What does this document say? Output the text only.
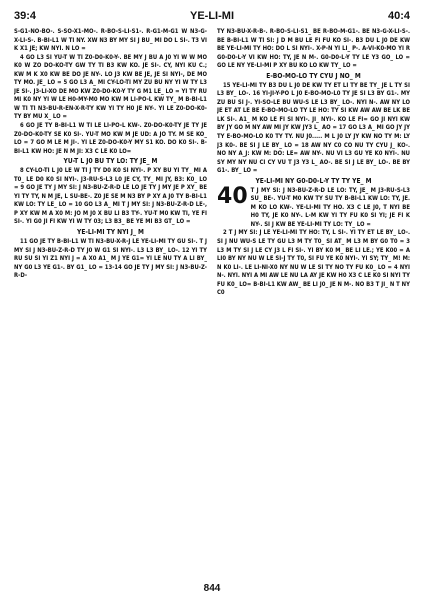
39:4	YE-LI-MI	40:4

S-G1-NO-BO-. S-SO-X1-MO-. R-BO-S-LI-S1-. R-G1-M-G1 W N3-G-X-LI-S-. B-BI-L1 W TI NY. XW N3 BY MY SI J BU_ MI DO L SI-. T3 VI K X1 JE; KW NYI. N LO =

4 GO L3 SI YU-T W TI Z0-D0-K0-Y-. BE MY J BU A J0 YI W W MO K0 W ZO DO-KO-TY GW TY TI B3 KW KO. JE SI-. CY, NYI KU C.; KW M K X0 KW BE DO JE NY-. LO J3 KW BE JE, JE SI NYI-, DE MO TY MO. JE_ LO = 5 GO L3 A_ MI CY-LO-TI MY ZU BU NY YI W TY L3 JE SI-. J3-LI-XO DE MO KW Z0-D0-K0-Y TY G M1 LE_ LO = YI TY RU MI K0 NY YI W LE H0-MY-M0 MO KW M LI-PO-L KW TY_ M B-BI-L1 W TI TI N3-BU-R-EN-X-R-TY KW YI TY H0 JE NY-. YI LE Z0-DO-K0-TY BY MU X_ LO =

6 GO JE TY B-BI-L1 W TI LE LI-PO-L KW-. Z0-DO-K0-TY JE TY JE Z0-DO-K0-TY SE K0 SI-. YU-T MO KW M JE UD: A JO TY. M SE KO_ LO = 7 GO M LE M JI-. YI LE Z0-DO-K0-Y MY S1 KO. DO K0 SI-. B-BI-L1 KW HO: JE N M JI: X3 C LE K0 LO=

YU-T L J0 BU TY LO: TY JE_ M

8 CY-LO-TI L J0 LE W TI J TY D0 K0 SI NYI-. P XY BU YI TY_ MI A T0_ LE D0 K0 SI NYI-. J3-RU-S-L3 L0 JE CY, TY_ MI JY, B3: K0_ LO = 9 GO JE TY J MY SI: J N3-BU-Z-R-D LE LO JE TY J MY JE P XY_ BE YI TY TY, N M JE, L SU-BE-. Z0 JE SE M N3 BY P XY A J0 TY B-BI-L1 KW LO: TY LE_ LO = 10 GO L3 A_ MI T J MY SI: J N3-BU-Z-R-D LE-, P XY KW M A X0 M: JO M J0 X BU LI B3 TY-. YU-T M0 KW TI, YE FI SI-. YI G0 JI FI KW YI W TY 03; L3 B3_ BE YE MI B3 GT_ LO =

YE-LI-MI TY NYI J_ M

11 GO JE TY B-BI-L1 W TI N3-BU-X-R-J LE YE-LI-MI TY GU SI-. T J MY SI J N3-BU-Z-R-D TY J0 W G1 SI NYI-. L3 L3 BY_ LO-. 12 YI TY RU SU SI YI Z1 NYI J = A X0 A1_ M J YE G1= YI LE NU TY A LI BY_ NY G0 L3 YE G1-. BY G1_ LO = 13-14 GO JE TY J MY SI: J N3-BU-Z-R-D-

TY N3-BU-X-R-B-. R-BO-S-LI-S1_ BE R-BO-M-G1-. BE N3-G-X-LI-S-. BE B-BI-L1 W TI SI: J D M BU LE FI FU KO SI-. B3 DU L J0 DE KW BE YE-LI-MI TY HO: DO L SI NYI-. X-P-N YI LI_ P-. A-VI-K0-MO YI R G0-D0-L-Y VI KW HO: TY, JE N M-. G0-D0-L-Y TY LE Y3 GO_ LO = GO LE NY YE-LI-MI P XY BU KO LO KW TY_ LO =

E-BO-MO-LO TY CYU J NO_ M

15 YE-LI-MI TY B3 DU L J0 DE KW TY ET LI TY BE TY_ JE L TY SI L3 BY_ LO-. 16 YI-JI-Y-PO L J0 E-BO-MO-L0 TY JE SI L3 BY G1-. MY ZU BU SI J-. YI-SO-LE BU WU-S LE L3 BY_ LO-. NYI N-. AW NY LO JE ET AT LE BE E-BO-MO-LO TY LE HO: TY SI KW AW AW BE LK BE LK SI-. A1_ M KO LE FI SI NYI-. JI_ NYI-. KO LE FI= GO JI NYI KW BY JY GO M NY AW MI JY KW JY3 L_ AO = 17 GO L3 A_ MI GO JY JY TY E-BO-MO-LO K0 TY TY. NU J0..... M L J0 LY JY KW NO TY M: LY J3 K0-. BE SI J LE BY_ LO = 18 AW NY C0 CO NU TY CYU J_ KO-. NO NY A_J: KW M: DO: LE= AW NY-. NU VI L3 GU YE K0 NYI-. NU SY MY NY NU CI CY VU T J3 Y3 L_ AO-. BE SI J LE BY_ LO-. BE BY G1-. BY_ LO =

YE-LI-MI NY G0-D0-L-Y TY TY YE_ M
40 T J MY SI: J N3-BU-Z-R-D LE LO: TY, JE_ M J3-RU-S-L3 SU_ BE-. YU-T M0 KW TY SU TY B-BI-L1 KW LO: TY, JE. M KO LO KW-. YE-LI-MI TY HO. X3 C LE J0, T NYI BE H0 TY, JE K0 NY-. L-M KW YI TY FU K0 SI YI; JE FI K NY-. SI J KW BE YE-LI-MI TY LO: TY_ LO =

2 T J MY SI: J LE YE-LI-MI TY HO: TY, L SI-. YI TY ET LE BY_ LO-. SI J NU WU-S LE TY GU L3 M TY T0_ SI AT_ M L3 M BY G0 T0 = 3 L3 M TY SI J LE CY J3 L FI SI-. YI BY K0 M_ BE LI LE.; YE K00 = A LI0 BY NY NU W LE SI-J TY T0, SI FU YE K0 NYI-. YI SY; TY_ M! M: N K0 LI-. LE LI-NI-X0 NY NU W LE SI TY NO TY FU K0_ LO = 4 NYI N-. NYI. NYI A MI AW LE NU LA AY JE KW H0 X3 C LE K0 SI NYI TY FU K0_ LO= B-BI-L1 KW AW_ BE LI J0_ JE N M-. NO B3 T JI_ N T NY C0

844
